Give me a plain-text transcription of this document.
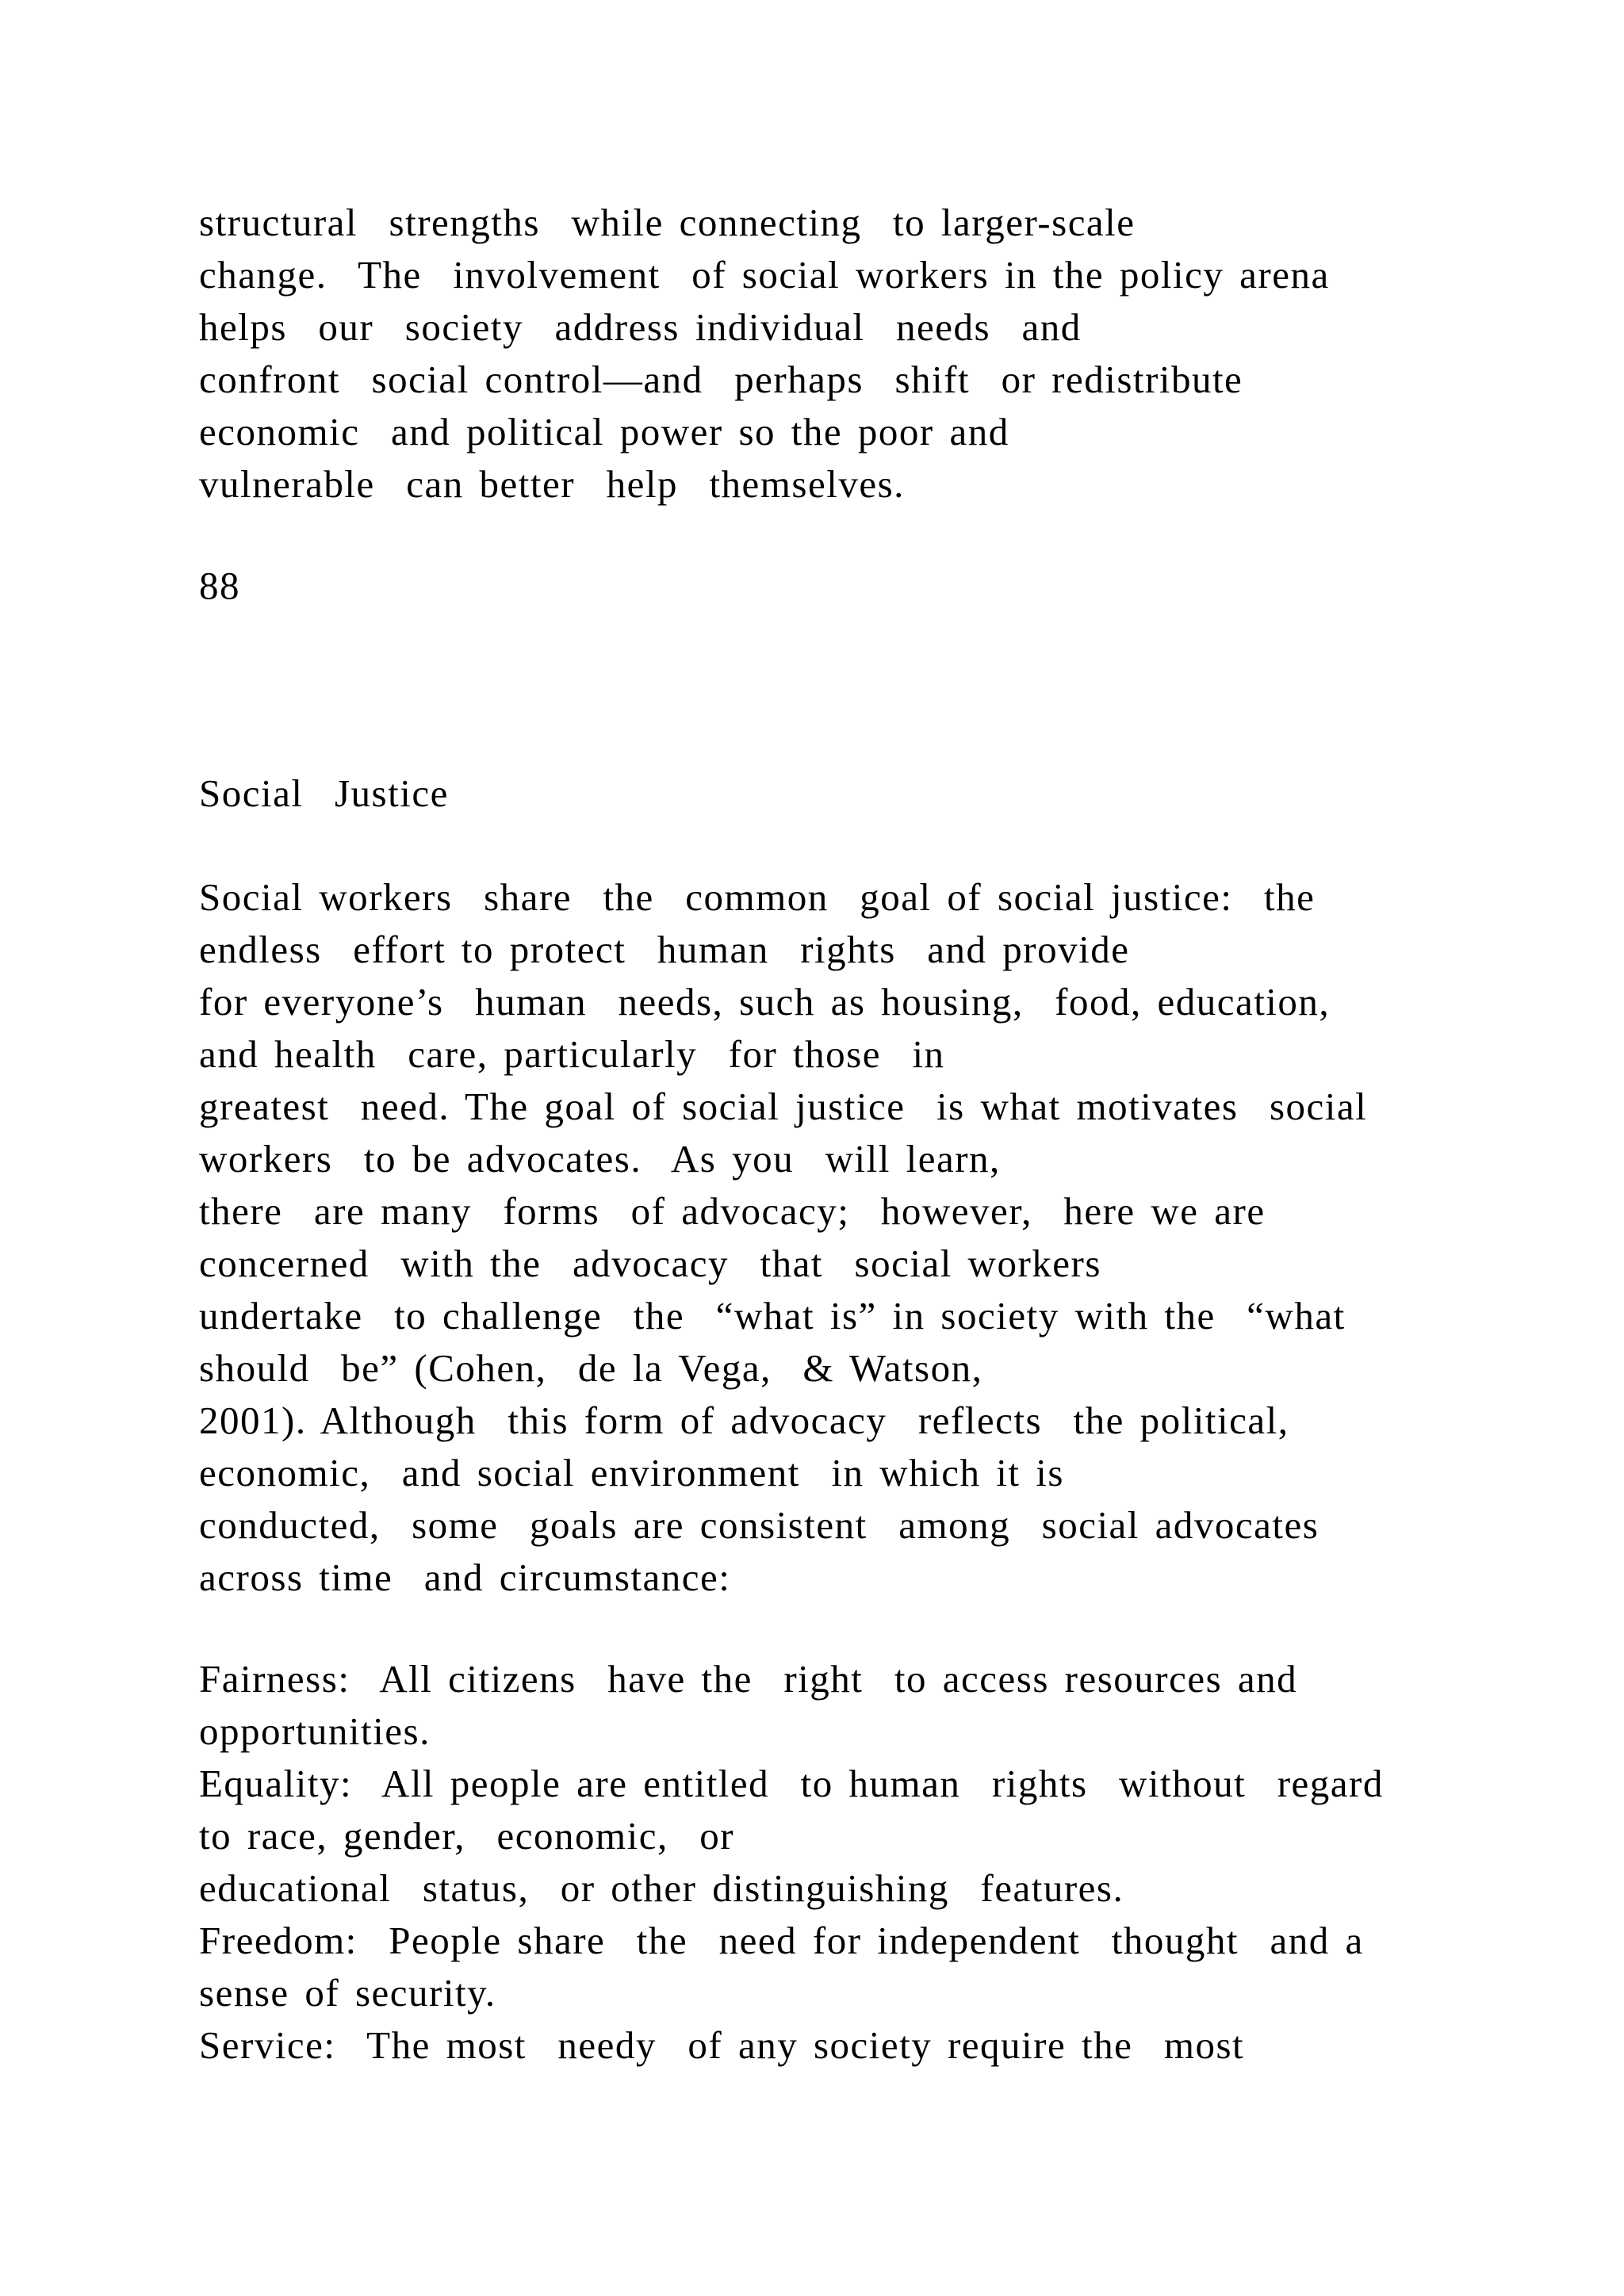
structural  strengths  while connecting  to larger-scale
change.  The  involvement  of social workers in the policy arena
helps  our  society  address individual  needs  and
confront  social control—and  perhaps  shift  or redistribute
economic  and political power so the poor and
vulnerable  can better  help  themselves.
88
Social  Justice
Social workers  share  the  common  goal of social justice:  the
endless  effort to protect  human  rights  and provide
for everyone’s  human  needs, such as housing,  food, education,
and health  care, particularly  for those  in
greatest  need. The goal of social justice  is what motivates  social
workers  to be advocates.  As you  will learn,
there  are many  forms  of advocacy;  however,  here we are
concerned  with the  advocacy  that  social workers
undertake  to challenge  the  “what is” in society with the  “what
should  be” (Cohen,  de la Vega,  & Watson,
2001). Although  this form of advocacy  reflects  the political,
economic,  and social environment  in which it is
conducted,  some  goals are consistent  among  social advocates
across time  and circumstance:
Fairness:  All citizens  have the  right  to access resources and
opportunities.
Equality:  All people are entitled  to human  rights  without  regard
to race, gender,  economic,  or
educational  status,  or other distinguishing  features.
Freedom:  People share  the  need for independent  thought  and a
sense of security.
Service:  The most  needy  of any society require the  most
